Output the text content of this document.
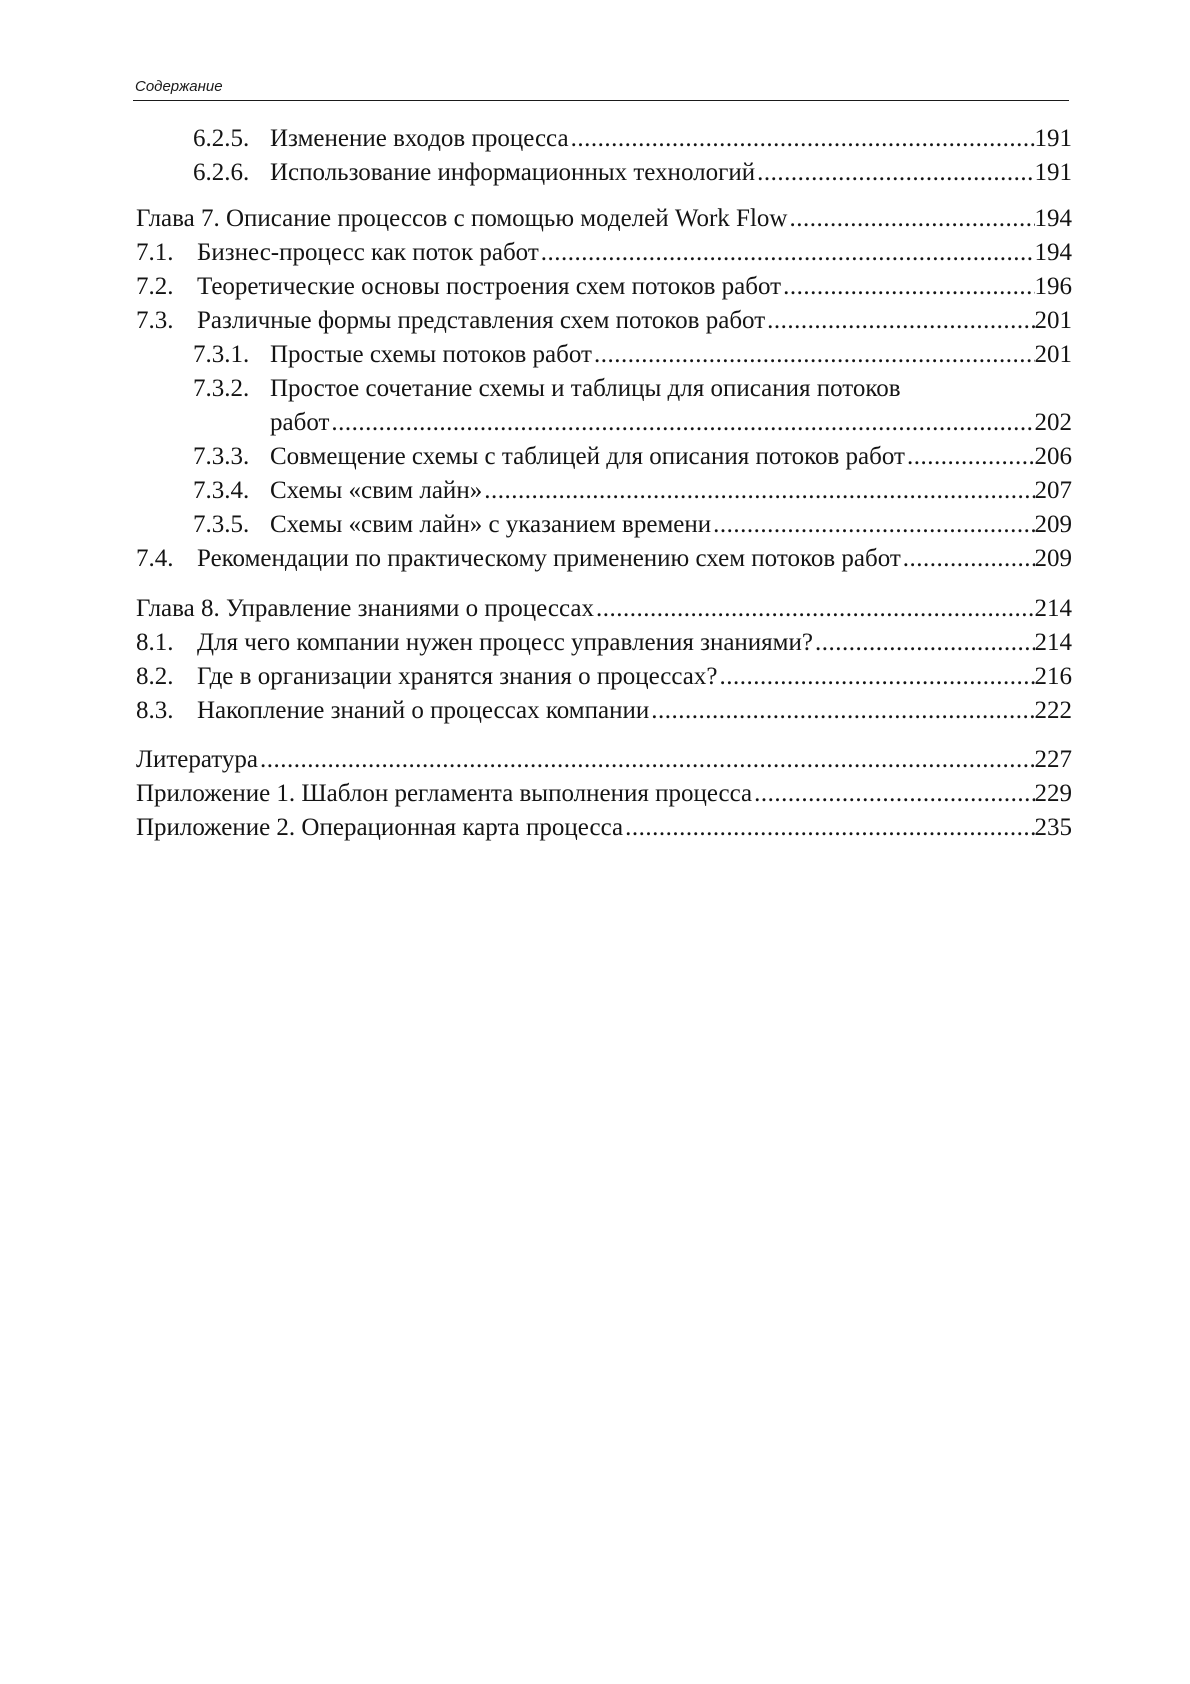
Содержание
6.2.5. Изменение входов процесса .....	191
6.2.6. Использование информационных технологий .....	191
Глава 7. Описание процессов с помощью моделей Work Flow .....	194
7.1. Бизнес-процесс как поток работ .....	194
7.2. Теоретические основы построения схем потоков работ .....	196
7.3. Различные формы представления схем потоков работ .....	201
7.3.1. Простые схемы потоков работ .....	201
7.3.2. Простое сочетание схемы и таблицы для описания потоков
работ .....	202
7.3.3. Совмещение схемы с таблицей для описания потоков работ .....	206
7.3.4. Схемы «свим лайн» .....	207
7.3.5. Схемы «свим лайн» с указанием времени .....	209
7.4. Рекомендации по практическому применению схем потоков работ .....	209
Глава 8. Управление знаниями о процессах .....	214
8.1. Для чего компании нужен процесс управления знаниями? .....	214
8.2. Где в организации хранятся знания о процессах? .....	216
8.3. Накопление знаний о процессах компании .....	222
Литература .....	227
Приложение 1. Шаблон регламента выполнения процесса .....	229
Приложение 2. Операционная карта процесса .....	235
